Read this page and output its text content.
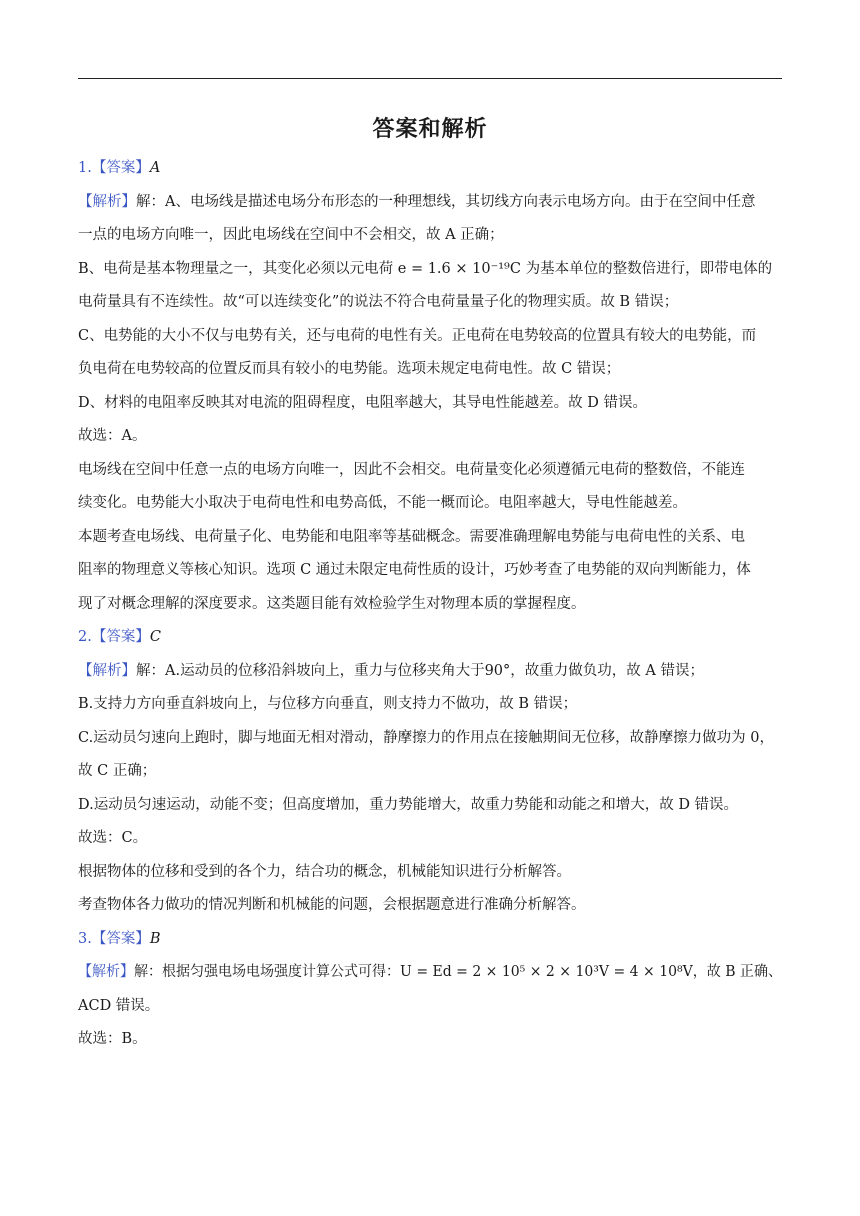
答案和解析
1.【答案】A
【解析】解：A、电场线是描述电场分布形态的一种理想线，其切线方向表示电场方向。由于在空间中任意
一点的电场方向唯一，因此电场线在空间中不会相交，故 A 正确；
B、电荷是基本物理量之一，其变化必须以元电荷 e = 1.6 × 10⁻¹⁹C 为基本单位的整数倍进行，即带电体的
电荷量具有不连续性。故“可以连续变化”的说法不符合电荷量量子化的物理实质。故 B 错误；
C、电势能的大小不仅与电势有关，还与电荷的电性有关。正电荷在电势较高的位置具有较大的电势能，而
负电荷在电势较高的位置反而具有较小的电势能。选项未规定电荷电性。故 C 错误；
D、材料的电阻率反映其对电流的阻碍程度，电阻率越大，其导电性能越差。故 D 错误。
故选：A。
电场线在空间中任意一点的电场方向唯一，因此不会相交。电荷量变化必须遵循元电荷的整数倍，不能连
续变化。电势能大小取决于电荷电性和电势高低，不能一概而论。电阻率越大，导电性能越差。
本题考查电场线、电荷量子化、电势能和电阻率等基础概念。需要准确理解电势能与电荷电性的关系、电
阻率的物理意义等核心知识。选项 C 通过未限定电荷性质的设计，巧妙考查了电势能的双向判断能力，体
现了对概念理解的深度要求。这类题目能有效检验学生对物理本质的掌握程度。
2.【答案】C
【解析】解：A.运动员的位移沿斜坡向上，重力与位移夹角大于90°，故重力做负功，故 A 错误；
B.支持力方向垂直斜坡向上，与位移方向垂直，则支持力不做功，故 B 错误；
C.运动员匀速向上跑时，脚与地面无相对滑动，静摩擦力的作用点在接触期间无位移，故静摩擦力做功为 0，
故 C 正确；
D.运动员匀速运动，动能不变；但高度增加，重力势能增大，故重力势能和动能之和增大，故 D 错误。
故选：C。
根据物体的位移和受到的各个力，结合功的概念，机械能知识进行分析解答。
考查物体各力做功的情况判断和机械能的问题，会根据题意进行准确分析解答。
3.【答案】B
【解析】解：根据匀强电场电场强度计算公式可得：U = Ed = 2 × 10⁵ × 2 × 10³V = 4 × 10⁸V，故 B 正确、
ACD 错误。
故选：B。
